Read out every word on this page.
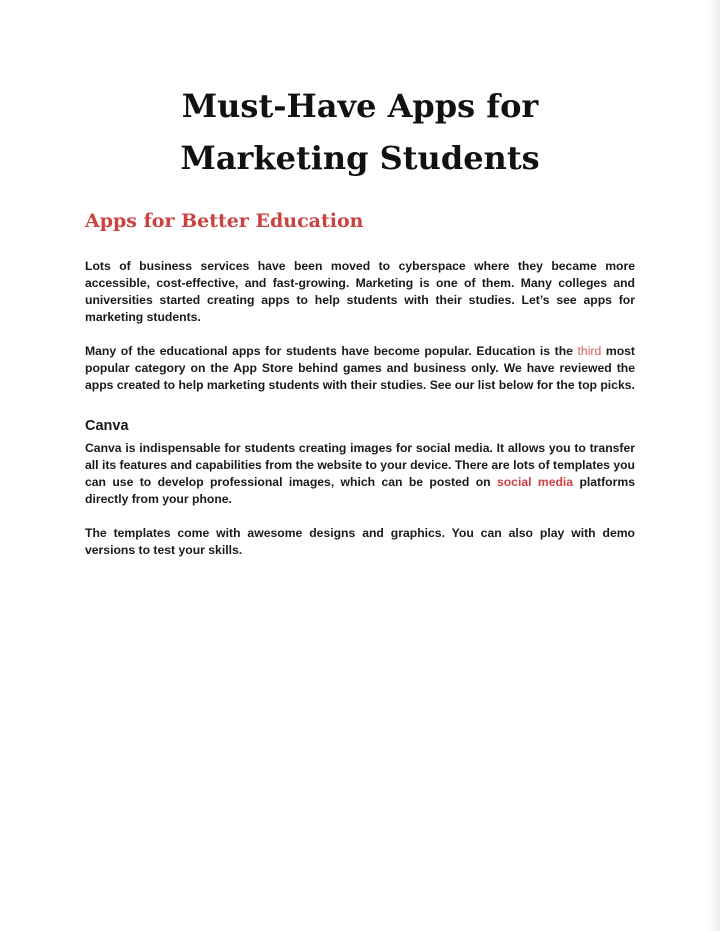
Must-Have Apps for Marketing Students
Apps for Better Education

Lots of business services have been moved to cyberspace where they became more accessible, cost-effective, and fast-growing. Marketing is one of them. Many colleges and universities started creating apps to help students with their studies. Let’s see apps for marketing students.

Many of the educational apps for students have become popular. Education is the third most popular category on the App Store behind games and business only. We have reviewed the apps created to help marketing students with their studies. See our list below for the top picks.

Canva

Canva is indispensable for students creating images for social media. It allows you to transfer all its features and capabilities from the website to your device. There are lots of templates you can use to develop professional images, which can be posted on social media platforms directly from your phone.

The templates come with awesome designs and graphics. You can also play with demo versions to test your skills.
